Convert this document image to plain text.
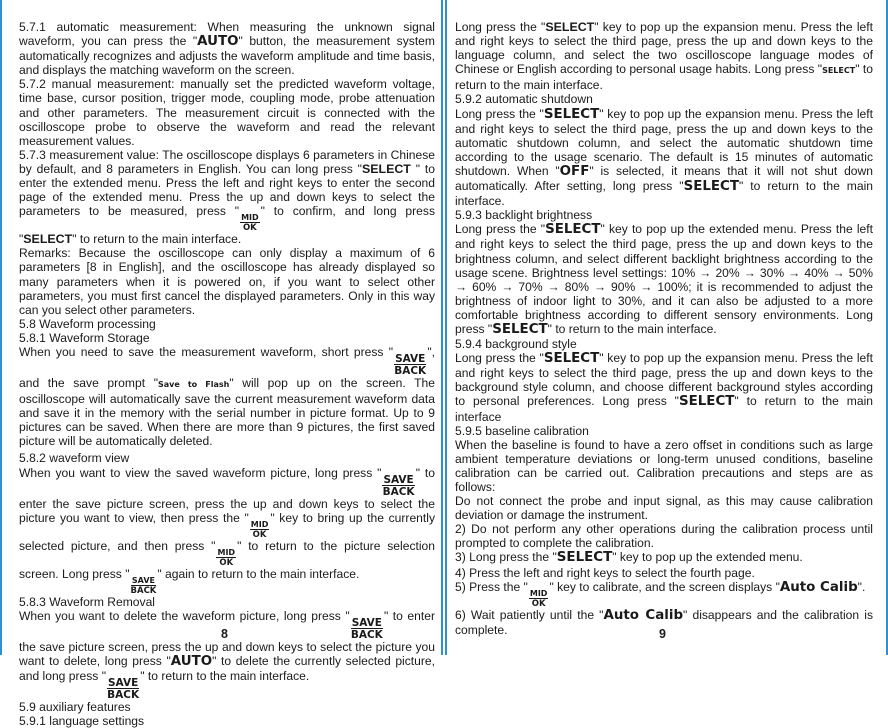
5.7.1 automatic measurement: When measuring the unknown signal waveform, you can press the "AUTO" button, the measurement system automatically recognizes and adjusts the waveform amplitude and time basis, and displays the matching waveform on the screen.

5.7.2 manual measurement: manually set the predicted waveform voltage, time base, cursor position, trigger mode, coupling mode, probe attenuation and other parameters. The measurement circuit is connected with the oscilloscope probe to observe the waveform and read the relevant measurement values.

5.7.3 measurement value: The oscilloscope displays 6 parameters in Chinese by default, and 8 parameters in English. You can long press "SELECT " to enter the extended menu. Press the left and right keys to enter the second page of the extended menu. Press the up and down keys to select the parameters to be measured, press "
$\frac{\text{MID}}{OK}$
" to confirm, and long press "SELECT" to return to the main interface.

Remarks: Because the oscilloscope can only display a maximum of 6 parameters [8 in English], and the oscilloscope has already displayed so many parameters when it is powered on, if you want to select other parameters, you must first cancel the displayed parameters. Only in this way can you select other parameters.

5.8 Waveform processing

5.8.1 Waveform Storage

When you need to save the measurement waveform, short press "
$\frac{\text{SAVE}}{\text{BACK}}$
", and the save prompt "Save to Flash" will pop up on the screen. The oscilloscope will automatically save the current measurement waveform data and save it in the memory with the serial number in picture format. Up to 9 pictures can be saved. When there are more than 9 pictures, the first saved picture will be automatically deleted.

5.8.2 waveform view

When you want to view the saved waveform picture, long press "
$\frac{\text{SAVE}}{\text{BACK}}$
" to enter the save picture screen, press the up and down keys to select the picture you want to view, then press the "
$\frac{\text{MID}}{OK}$
" key to bring up the currently selected picture, and then press "
$\frac{\text{MID}}{OK}$
" to return to the picture selection screen. Long press "
$\frac{\text{SAVE}}{\text{BACK}}$
" again to return to the main interface.

5.8.3 Waveform Removal

When you want to delete the waveform picture, long press "
$\frac{\text{SAVE}}{\text{BACK}}$
" to enter the save picture screen, press the up and down keys to select the picture you want to delete, long press "AUTO" to delete the currently selected picture, and long press "
$\frac{\text{SAVE}}{\text{BACK}}$
" to return to the main interface.

5.9 auxiliary features

5.9.1 language settings

8

Long press the "SELECT" key to pop up the expansion menu. Press the left and right keys to select the third page, press the up and down keys to the language column, and select the two oscilloscope language modes of Chinese or English according to personal usage habits. Long press "SELECT" to return to the main interface.

5.9.2 automatic shutdown

Long press the "SELECT" key to pop up the expansion menu. Press the left and right keys to select the third page, press the up and down keys to the automatic shutdown column, and select the automatic shutdown time according to the usage scenario. The default is 15 minutes of automatic shutdown. When "OFF" is selected, it means that it will not shut down automatically. After setting, long press "SELECT" to return to the main interface.

5.9.3 backlight brightness

Long press the "SELECT" key to pop up the extended menu. Press the left and right keys to select the third page, press the up and down keys to the brightness column, and select different backlight brightness according to the usage scene. Brightness level settings: 10% → 20% → 30% → 40% → 50% → 60% → 70% → 80% → 90% → 100%; it is recommended to adjust the brightness of indoor light to 30%, and it can also be adjusted to a more comfortable brightness according to different sensory environments. Long press "SELECT" to return to the main interface.

5.9.4 background style

Long press the "SELECT" key to pop up the expansion menu. Press the left and right keys to select the third page, press the up and down keys to the background style column, and choose different background styles according to personal preferences. Long press "SELECT" to return to the main interface

5.9.5 baseline calibration

When the baseline is found to have a zero offset in conditions such as large ambient temperature deviations or long-term unused conditions, baseline calibration can be carried out. Calibration precautions and steps are as follows:

Do not connect the probe and input signal, as this may cause calibration deviation or damage the instrument.

2) Do not perform any other operations during the calibration process until prompted to complete the calibration.

3) Long press the "SELECT" key to pop up the extended menu.

4) Press the left and right keys to select the fourth page.

5) Press the "
$\frac{\text{MID}}{OK}$
" key to calibrate, and the screen displays "Auto Calib".

6) Wait patiently until the "Auto Calib" disappears and the calibration is complete.	9
